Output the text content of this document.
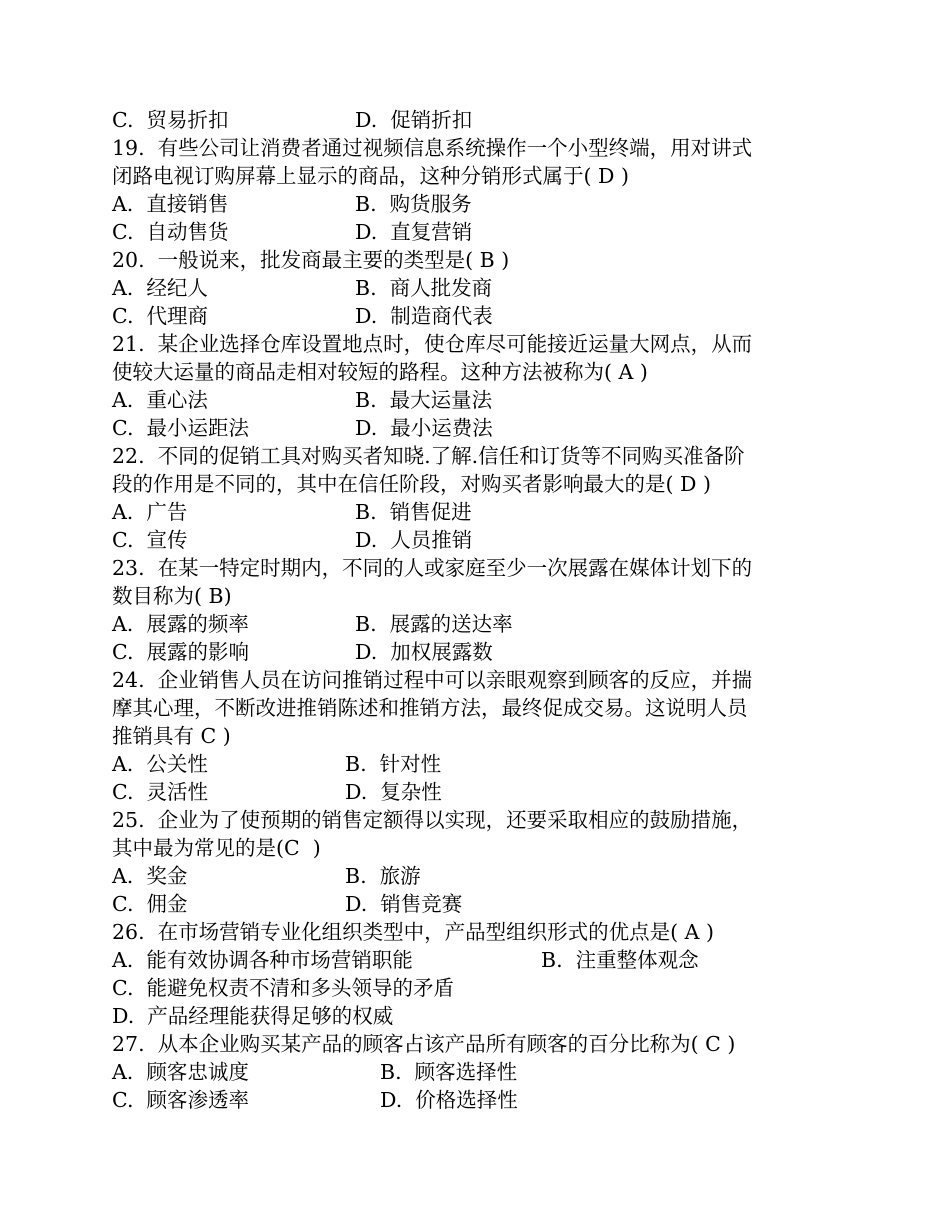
C.  贸易折扣	D.  促销折扣
19.  有些公司让消费者通过视频信息系统操作一个小型终端，用对讲式
闭路电视订购屏幕上显示的商品，这种分销形式属于( D )
A.  直接销售	B.  购货服务
C.  自动售货	D.  直复营销
20.  一般说来，批发商最主要的类型是( B )
A.  经纪人	B.  商人批发商
C.  代理商	D.  制造商代表
21.  某企业选择仓库设置地点时，使仓库尽可能接近运量大网点，从而
使较大运量的商品走相对较短的路程。这种方法被称为( A )
A.  重心法	B.  最大运量法
C.  最小运距法	D.  最小运费法
22.  不同的促销工具对购买者知晓.了解.信任和订货等不同购买准备阶
段的作用是不同的，其中在信任阶段，对购买者影响最大的是( D )
A.  广告	B.  销售促进
C.  宣传	D.  人员推销
23.  在某一特定时期内，不同的人或家庭至少一次展露在媒体计划下的
数目称为( B)
A.  展露的频率	B.  展露的送达率
C.  展露的影响	D.  加权展露数
24.  企业销售人员在访问推销过程中可以亲眼观察到顾客的反应，并揣
摩其心理，不断改进推销陈述和推销方法，最终促成交易。这说明人员
推销具有 C )
A.  公关性	B.  针对性
C.  灵活性	D.  复杂性
25.  企业为了使预期的销售定额得以实现，还要采取相应的鼓励措施，
其中最为常见的是(C  )
A.  奖金	B.  旅游
C.  佣金	D.  销售竞赛
26.  在市场营销专业化组织类型中，产品型组织形式的优点是( A )
A.  能有效协调各种市场营销职能	B.  注重整体观念
C.  能避免权责不清和多头领导的矛盾
D.  产品经理能获得足够的权威
27.  从本企业购买某产品的顾客占该产品所有顾客的百分比称为( C )
A.  顾客忠诚度	B.  顾客选择性
C.  顾客渗透率	D.  价格选择性
